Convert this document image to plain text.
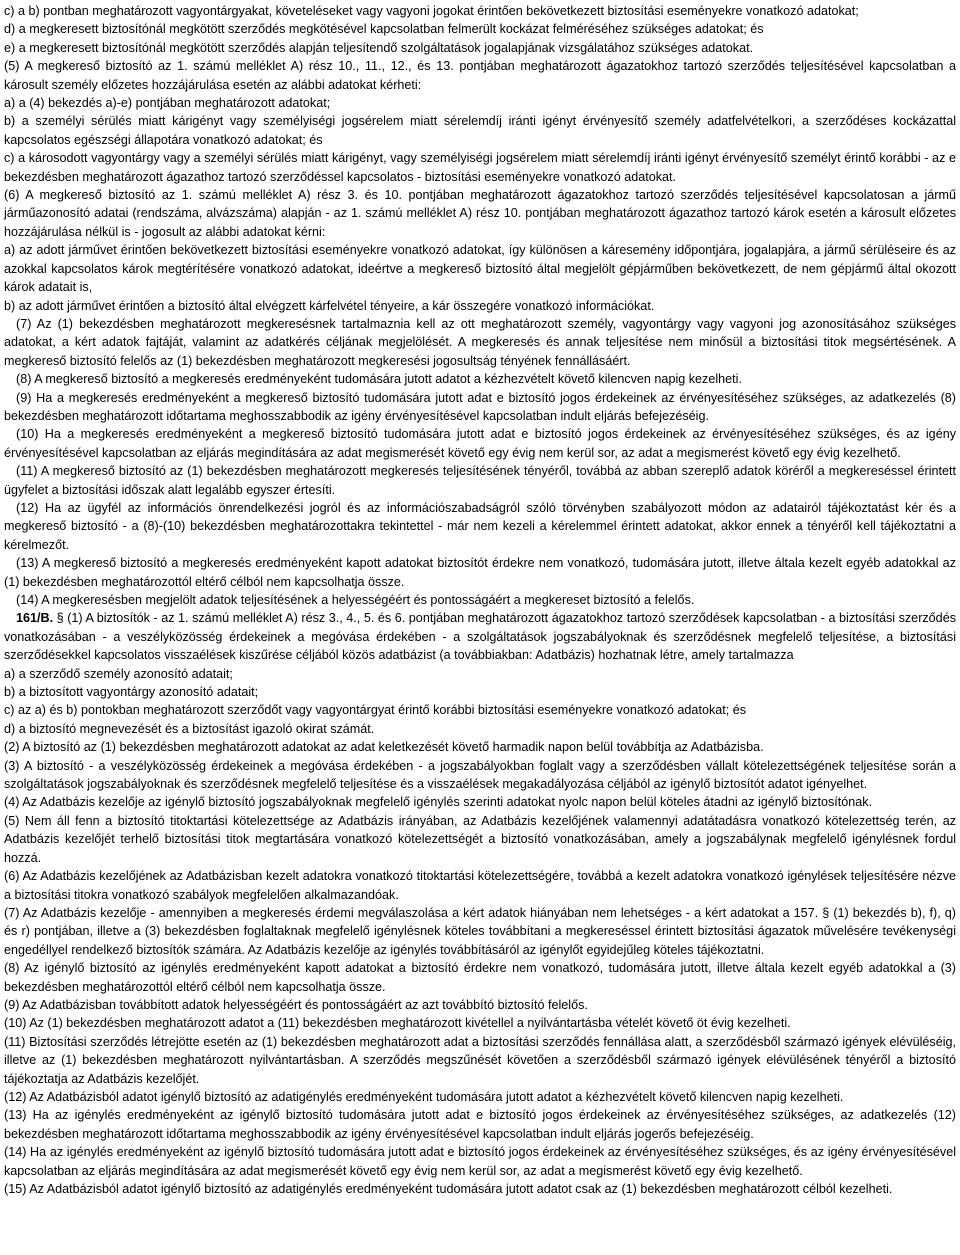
c) a b) pontban meghatározott vagyontárgyakat, követeléseket vagy vagyoni jogokat érintően bekövetkezett biztosítási eseményekre vonatkozó adatokat;

d) a megkeresett biztosítónál megkötött szerződés megkötésével kapcsolatban felmerült kockázat felméréséhez szükséges adatokat; és

e) a megkeresett biztosítónál megkötött szerződés alapján teljesítendő szolgáltatások jogalapjának vizsgálatához szükséges adatokat.

(5) A megkereső biztosító az 1. számú melléklet A) rész 10., 11., 12., és 13. pontjában meghatározott ágazatokhoz tartozó szerződés teljesítésével kapcsolatban a károsult személy előzetes hozzájárulása esetén az alábbi adatokat kérheti:

a) a (4) bekezdés a)-e) pontjában meghatározott adatokat;

b) a személyi sérülés miatt kárigényt vagy személyiségi jogsérelem miatt sérelemdíj iránti igényt érvényesítő személy adatfelvételkori, a szerződéses kockázattal kapcsolatos egészségi állapotára vonatkozó adatokat; és

c) a károsodott vagyontárgy vagy a személyi sérülés miatt kárigényt, vagy személyiségi jogsérelem miatt sérelemdíj iránti igényt érvényesítő személyt érintő korábbi - az e bekezdésben meghatározott ágazathoz tartozó szerződéssel kapcsolatos - biztosítási eseményekre vonatkozó adatokat.

(6) A megkereső biztosító az 1. számú melléklet A) rész 3. és 10. pontjában meghatározott ágazatokhoz tartozó szerződés teljesítésével kapcsolatosan a jármű járműazonosító adatai (rendszáma, alvázszáma) alapján - az 1. számú melléklet A) rész 10. pontjában meghatározott ágazathoz tartozó károk esetén a károsult előzetes hozzájárulása nélkül is - jogosult az alábbi adatokat kérni:

a) az adott járművet érintően bekövetkezett biztosítási eseményekre vonatkozó adatokat, így különösen a káresemény időpontjára, jogalapjára, a jármű sérüléseire és az azokkal kapcsolatos károk megtérítésére vonatkozó adatokat, ideértve a megkereső biztosító által megjelölt gépjárműben bekövetkezett, de nem gépjármű által okozott károk adatait is,

b) az adott járművet érintően a biztosító által elvégzett kárfelvétel tényeire, a kár összegére vonatkozó információkat.

(7) Az (1) bekezdésben meghatározott megkeresésnek tartalmaznia kell az ott meghatározott személy, vagyontárgy vagy vagyoni jog azonosításához szükséges adatokat, a kért adatok fajtáját, valamint az adatkérés céljának megjelölését. A megkeresés és annak teljesítése nem minősül a biztosítási titok megsértésének. A megkereső biztosító felelős az (1) bekezdésben meghatározott megkeresési jogosultság tényének fennállásáért.

(8) A megkereső biztosító a megkeresés eredményeként tudomására jutott adatot a kézhezvételt követő kilencven napig kezelheti.

(9) Ha a megkeresés eredményeként a megkereső biztosító tudomására jutott adat e biztosító jogos érdekeinek az érvényesítéséhez szükséges, az adatkezelés (8) bekezdésben meghatározott időtartama meghosszabbodik az igény érvényesítésével kapcsolatban indult eljárás befejezéséig.

(10) Ha a megkeresés eredményeként a megkereső biztosító tudomására jutott adat e biztosító jogos érdekeinek az érvényesítéséhez szükséges, és az igény érvényesítésével kapcsolatban az eljárás megindítására az adat megismerését követő egy évig nem kerül sor, az adat a megismerést követő egy évig kezelhető.

(11) A megkereső biztosító az (1) bekezdésben meghatározott megkeresés teljesítésének tényéről, továbbá az abban szereplő adatok köréről a megkereséssel érintett ügyfelet a biztosítási időszak alatt legalább egyszer értesíti.

(12) Ha az ügyfél az információs önrendelkezési jogról és az információszabadságról szóló törvényben szabályozott módon az adatairól tájékoztatást kér és a megkereső biztosító - a (8)-(10) bekezdésben meghatározottakra tekintettel - már nem kezeli a kérelemmel érintett adatokat, akkor ennek a tényéről kell tájékoztatni a kérelmezőt.

(13) A megkereső biztosító a megkeresés eredményeként kapott adatokat biztosítót érdekre nem vonatkozó, tudomására jutott, illetve általa kezelt egyéb adatokkal az (1) bekezdésben meghatározottól eltérő célból nem kapcsolhatja össze.

(14) A megkeresésben megjelölt adatok teljesítésének a helyességéért és pontosságáért a megkereset biztosító a felelős.

161/B. § (1) A biztosítók - az 1. számú melléklet A) rész 3., 4., 5. és 6. pontjában meghatározott ágazatokhoz tartozó szerződések kapcsolatban - a biztosítási szerződés vonatkozásában - a veszélyközösség érdekeinek a megóvása érdekében - a szolgáltatások jogszabályoknak és szerződésnek megfelelő teljesítése, a biztosítási szerződésekkel kapcsolatos visszaélések kiszűrése céljából közös adatbázist (a továbbiakban: Adatbázis) hozhatnak létre, amely tartalmazza

a) a szerződő személy azonosító adatait;

b) a biztosított vagyontárgy azonosító adatait;

c) az a) és b) pontokban meghatározott szerződőt vagy vagyontárgyat érintő korábbi biztosítási eseményekre vonatkozó adatokat; és

d) a biztosító megnevezését és a biztosítást igazoló okirat számát.

(2) A biztosító az (1) bekezdésben meghatározott adatokat az adat keletkezését követő harmadik napon belül továbbítja az Adatbázisba.

(3) A biztosító - a veszélyközösség érdekeinek a megóvása érdekében - a jogszabályokban foglalt vagy a szerződésben vállalt kötelezettségének teljesítése során a szolgáltatások jogszabályoknak és szerződésnek megfelelő teljesítése és a visszaélések megakadályozása céljából az igénylő biztosítót adatot igényelhet.

(4) Az Adatbázis kezelője az igénylő biztosító jogszabályoknak megfelelő igénylés szerinti adatokat nyolc napon belül köteles átadni az igénylő biztosítónak.

(5) Nem áll fenn a biztosító titoktartási kötelezettsége az Adatbázis irányában, az Adatbázis kezelőjének valamennyi adatátadásra vonatkozó kötelezettség terén, az Adatbázis kezelőjét terhelő biztosítási titok megtartására vonatkozó kötelezettségét a biztosító vonatkozásában, amely a jogszabálynak megfelelő igénylésnek fordul hozzá.

(6) Az Adatbázis kezelőjének az Adatbázisban kezelt adatokra vonatkozó titoktartási kötelezettségére, továbbá a kezelt adatokra vonatkozó igénylések teljesítésére nézve a biztosítási titokra vonatkozó szabályok megfelelően alkalmazandóak.

(7) Az Adatbázis kezelője - amennyiben a megkeresés érdemi megválaszolása a kért adatok hiányában nem lehetséges - a kért adatokat a 157. § (1) bekezdés b), f), q) és r) pontjában, illetve a (3) bekezdésben foglaltaknak megfelelő igénylésnek köteles továbbítani a megkereséssel érintett biztosítási ágazatok művelésére tevékenységi engedéllyel rendelkező biztosítók számára. Az Adatbázis kezelője az igénylés továbbításáról az igénylőt egyidejűleg köteles tájékoztatni.

(8) Az igénylő biztosító az igénylés eredményeként kapott adatokat a biztosító érdekre nem vonatkozó, tudomására jutott, illetve általa kezelt egyéb adatokkal a (3) bekezdésben meghatározottól eltérő célból nem kapcsolhatja össze.

(9) Az Adatbázisban továbbított adatok helyességéért és pontosságáért az azt továbbító biztosító felelős.

(10) Az (1) bekezdésben meghatározott adatot a (11) bekezdésben meghatározott kivétellel a nyilvántartásba vételét követő öt évig kezelheti.

(11) Biztosítási szerződés létrejötte esetén az (1) bekezdésben meghatározott adat a biztosítási szerződés fennállása alatt, a szerződésből származó igények elévüléséig, illetve az (1) bekezdésben meghatározott nyilvántartásban. A szerződés megszűnését követően a szerződésből származó igények elévülésének tényéről a biztosító tájékoztatja az Adatbázis kezelőjét.

(12) Az Adatbázisból adatot igénylő biztosító az adatigénylés eredményeként tudomására jutott adatot a kézhezvételt követő kilencven napig kezelheti.

(13) Ha az igénylés eredményeként az igénylő biztosító tudomására jutott adat e biztosító jogos érdekeinek az érvényesítéséhez szükséges, az adatkezelés (12) bekezdésben meghatározott időtartama meghosszabbodik az igény érvényesítésével kapcsolatban indult eljárás jogerős befejezéséig.

(14) Ha az igénylés eredményeként az igénylő biztosító tudomására jutott adat e biztosító jogos érdekeinek az érvényesítéséhez szükséges, és az igény érvényesítésével kapcsolatban az eljárás megindítására az adat megismerését követő egy évig nem kerül sor, az adat a megismerést követő egy évig kezelhető.

(15) Az Adatbázisból adatot igénylő biztosító az adatigénylés eredményeként tudomására jutott adatot csak az (1) bekezdésben meghatározott célból kezelheti.
